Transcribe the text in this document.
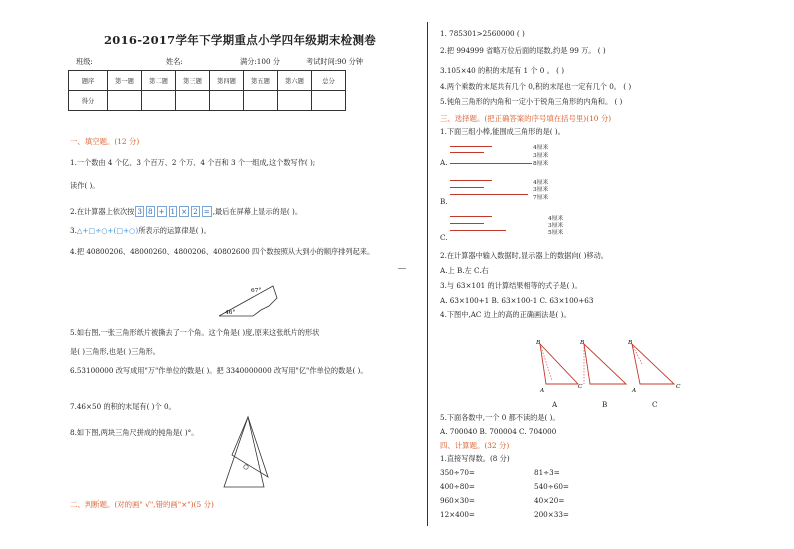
2016-2017学年下学期重点小学四年级期末检测卷
班级:	姓名:	满分:100 分	考试时间:90 分钟
题序	第一题	第二题	第三题	第四题	第五题	第六题	总分
得分							
一、填空题。(12 分)
1.一个数由 4 个亿、3 个百万、2 个万、4 个百和 3 个一组成,这个数写作( );
读作( )。
2.在计算器上依次按 3 8 + 1 × 2 = ,最后在屏幕上显示的是( )。
3.△+□÷○+(□+○)所表示的运算律是( )。
4.把 40800206、48000260、4800206、40802600 四个数按照从大到小的顺序排列起来。
67°
46°
5.如右图,一张三角形纸片被撕去了一个角。这个角是( )度,原来这张纸片的形状
是( )三角形,也是( )三角形。
6.53100000 改写成用"万"作单位的数是( )。把 3340000000 改写用"亿"作单位的数是( )。
7.46×50 的积的末尾有( )个 0。
8.如下图,两块三角尺拼成的钝角是( )°。
二、判断题。(对的画" √",错的画"×")(5 分)
1. 785301>2560000 ( )
2.把 994999 省略万位后面的尾数,约是 99 万。 ( )
3.105×40 的积的末尾有 1 个 0 。 ( )
4.两个乘数的末尾共有几个 0,积的末尾也一定有几个 0。 ( )
5.钝角三角形的内角和一定小于锐角三角形的内角和。 ( )
三、选择题。(把正确答案的序号填在括号里)(10 分)
1.下面三组小棒,能围成三角形的是( )。
4厘米
3厘米
A.	8厘米
4厘米
3厘米
7厘米
B.
4厘米
3厘米
5厘米
C.
2.在计算器中输入数据时,显示器上的数据向( )移动。
A.上 B.左 C.右
3.与 63×101 的计算结果相等的式子是( )。
A. 63×100+1 B. 63×100-1 C. 63×100+63
4.下图中,AC 边上的高的正确画法是( )。
B
A
C
B	B
A
C
A	B	C
5.下面各数中,一个 0 都不读的是( )。
A. 700040 B. 700004 C. 704000
四、计算题。(32 分)
1.直接写得数。(8 分)
350÷70=	81÷3=
400÷80=	540÷60=
960×30=	40×20=
12×400=	200×33=
